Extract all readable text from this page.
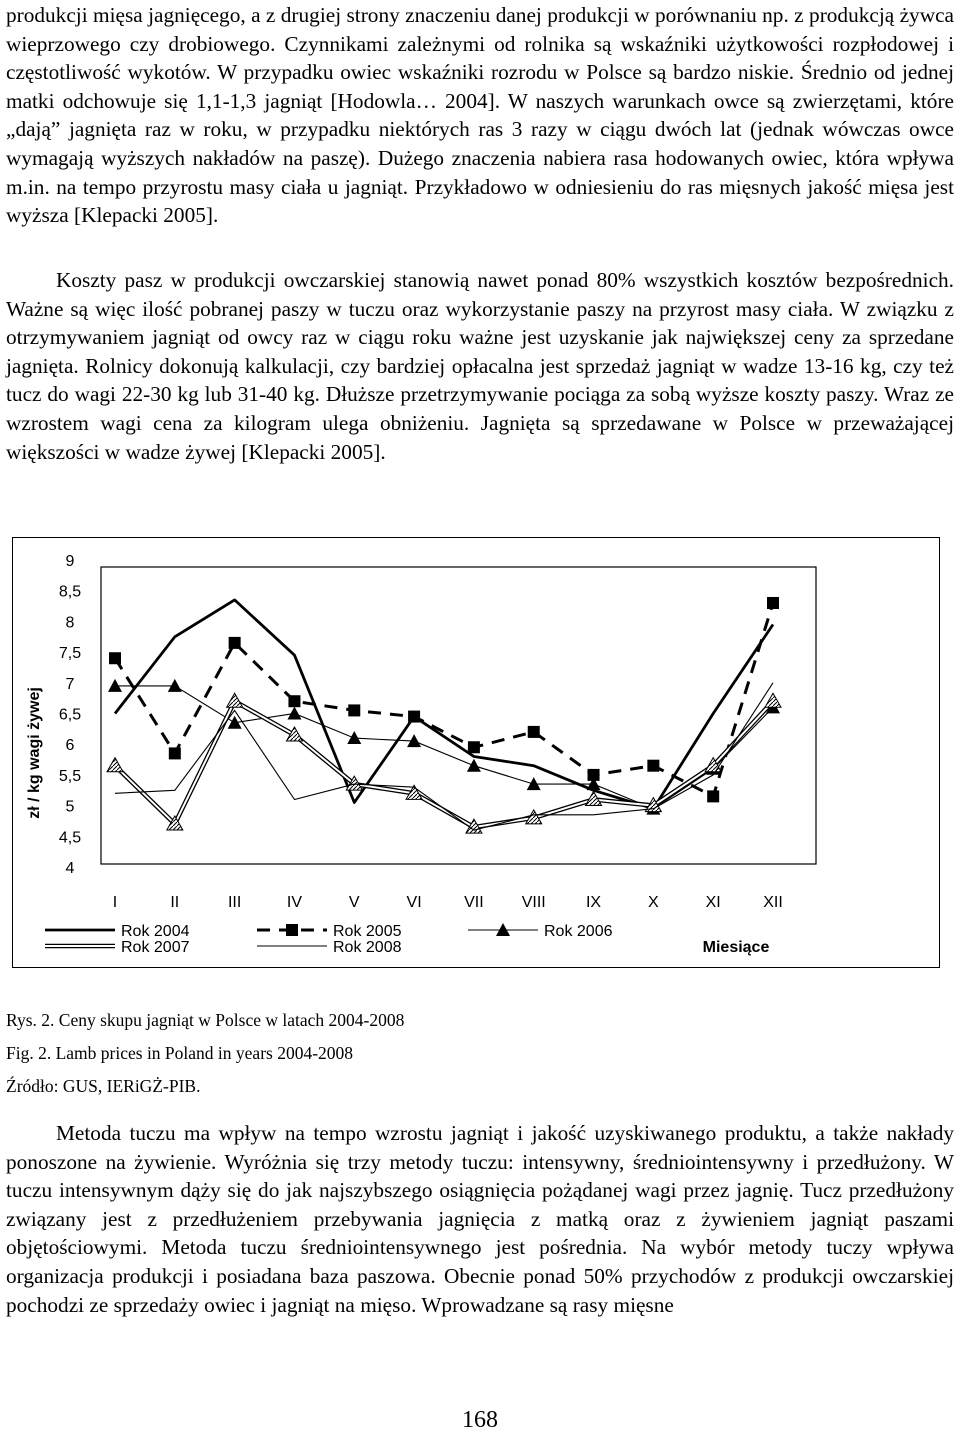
produkcji mięsa jagnięcego, a z drugiej strony znaczeniu danej produkcji w porównaniu np. z produkcją żywca wieprzowego czy drobiowego. Czynnikami zależnymi od rolnika są wskaźniki użytkowości rozpłodowej i częstotliwość wykotów. W przypadku owiec wskaźniki rozrodu w Polsce są bardzo niskie. Średnio od jednej matki odchowuje się 1,1-1,3 jagniąt [Hodowla… 2004]. W naszych warunkach owce są zwierzętami, które „dają” jagnięta raz w roku, w przypadku niektórych ras 3 razy w ciągu dwóch lat (jednak wówczas owce wymagają wyższych nakładów na paszę). Dużego znaczenia nabiera rasa hodowanych owiec, która wpływa m.in. na tempo przyrostu masy ciała u jagniąt. Przykładowo w odniesieniu do ras mięsnych jakość mięsa jest wyższa [Klepacki 2005].

Koszty pasz w produkcji owczarskiej stanowią nawet ponad 80% wszystkich kosztów bezpośrednich. Ważne są więc ilość pobranej paszy w tuczu oraz wykorzystanie paszy na przyrost masy ciała. W związku z otrzymywaniem jagniąt od owcy raz w ciągu roku ważne jest uzyskanie jak największej ceny za sprzedane jagnięta. Rolnicy dokonują kalkulacji, czy bardziej opłacalna jest sprzedaż jagniąt w wadze 13-16 kg, czy też tucz do wagi 22-30 kg lub 31-40 kg. Dłuższe przetrzymywanie pociąga za sobą wyższe koszty paszy. Wraz ze wzrostem wagi cena za kilogram ulega obniżeniu. Jagnięta są sprzedawane w Polsce w przeważającej większości w wadze żywej [Klepacki 2005].

zł / kg wagi żywej
9
8,5
8
7,5
7
6,5
6
5,5
5
4,5
4
I	II	III	IV	V	VI	VII VIII	IX	X	XI	XII
Rok 2004	Rok 2005	Rok 2006
Rok 2007	Rok 2008	Miesiące
Rys. 2. Ceny skupu jagniąt w Polsce w latach 2004-2008
Fig. 2. Lamb prices in Poland in years 2004-2008
Źródło: GUS, IERiGŻ-PIB.

Metoda tuczu ma wpływ na tempo wzrostu jagniąt i jakość uzyskiwanego produktu, a także nakłady ponoszone na żywienie. Wyróżnia się trzy metody tuczu: intensywny, średniointensywny i przedłużony. W tuczu intensywnym dąży się do jak najszybszego osiągnięcia pożądanej wagi przez jagnię. Tucz przedłużony związany jest z przedłużeniem przebywania jagnięcia z matką oraz z żywieniem jagniąt paszami objętościowymi. Metoda tuczu średniointensywnego jest pośrednia. Na wybór metody tuczy wpływa organizacja produkcji i posiadana baza paszowa. Obecnie ponad 50% przychodów z produkcji owczarskiej pochodzi ze sprzedaży owiec i jagniąt na mięso. Wprowadzane są rasy mięsne

168
